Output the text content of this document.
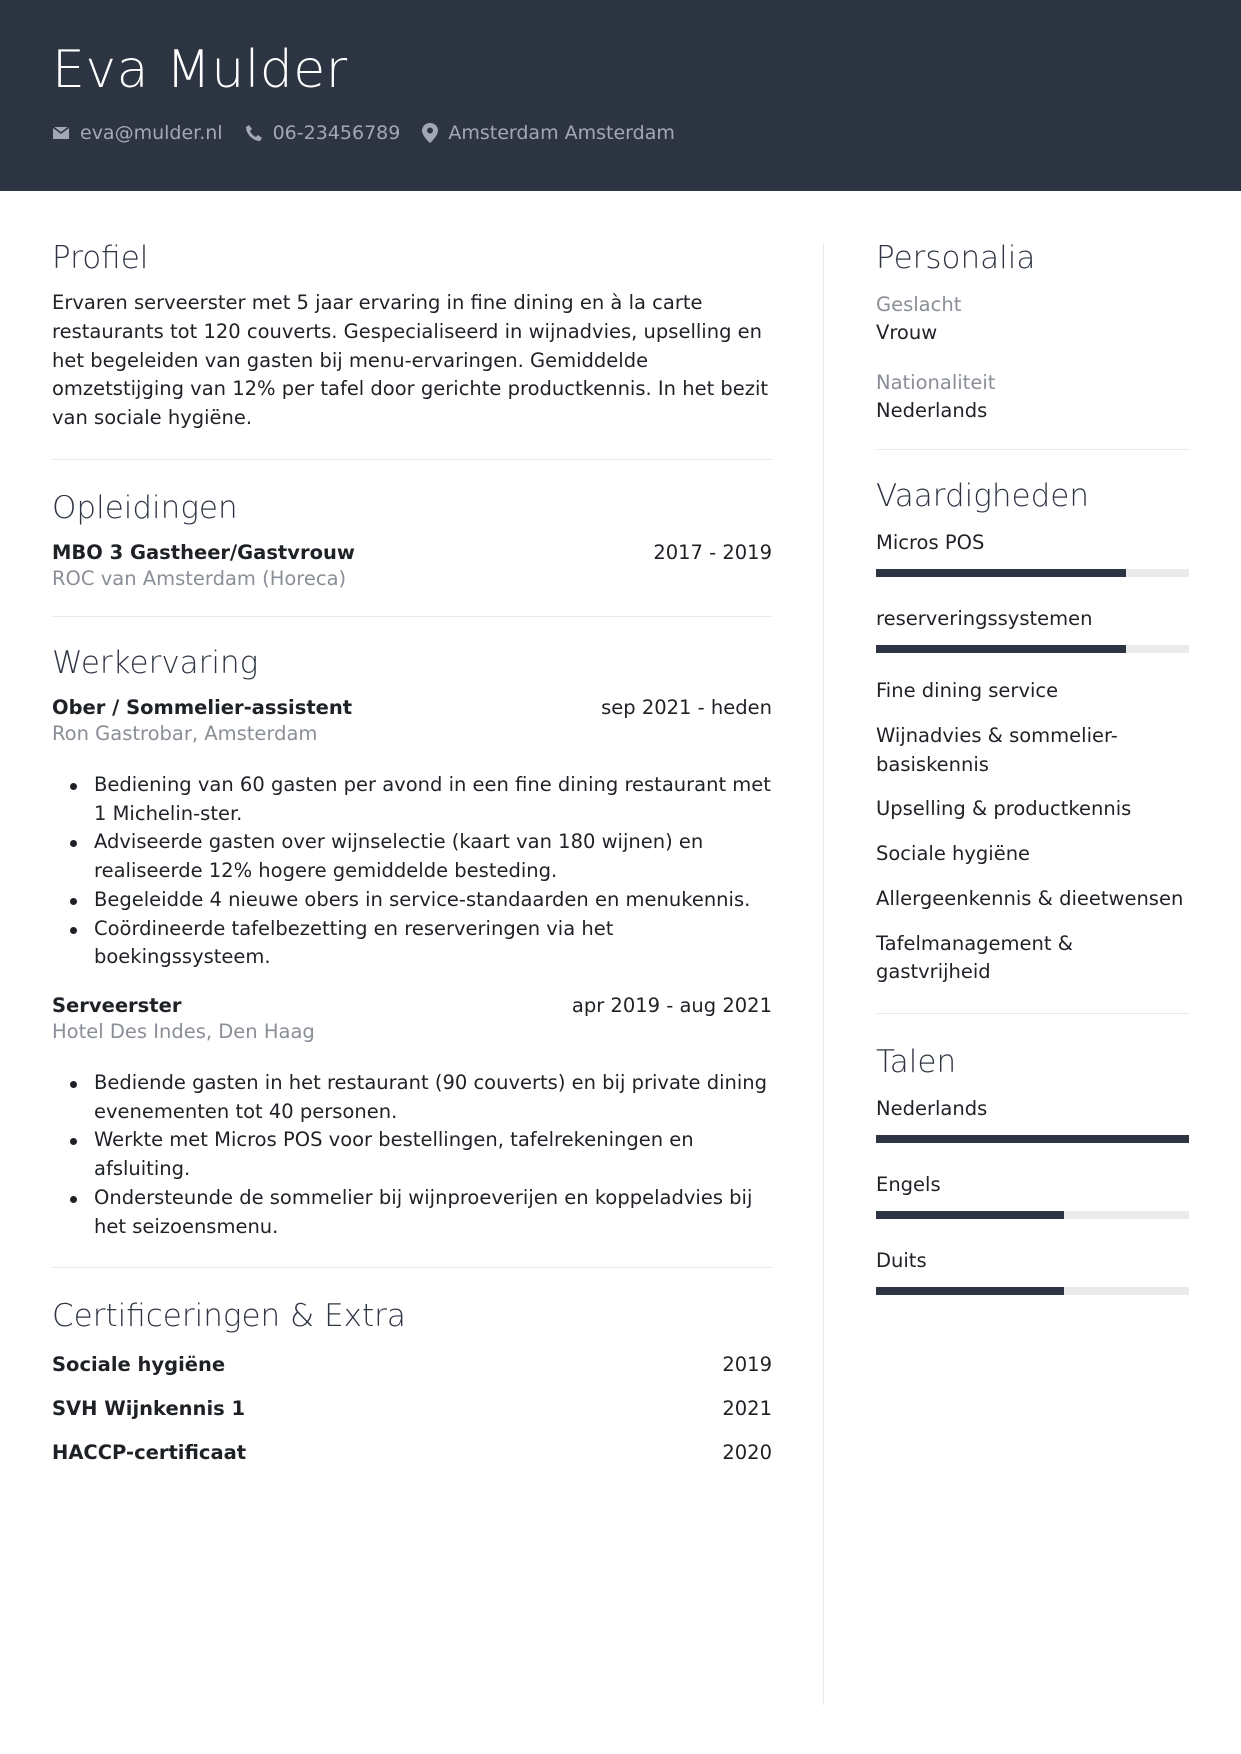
Eva Mulder
eva@mulder.nl	06-23456789	Amsterdam Amsterdam
Profiel

Ervaren serveerster met 5 jaar ervaring in fine dining en à la carte restaurants tot 120 couverts. Gespecialiseerd in wijnadvies, upselling en het begeleiden van gasten bij menu-ervaringen. Gemiddelde omzetstijging van 12% per tafel door gerichte productkennis. In het bezit van sociale hygiëne.

Opleidingen
MBO 3 Gastheer/Gastvrouw	2017 - 2019
ROC van Amsterdam (Horeca)
Werkervaring
Ober / Sommelier-assistent	sep 2021 - heden
Ron Gastrobar, Amsterdam
Bediening van 60 gasten per avond in een fine dining restaurant met 1 Michelin-ster.
Adviseerde gasten over wijnselectie (kaart van 180 wijnen) en realiseerde 12% hogere gemiddelde besteding.
Begeleidde 4 nieuwe obers in service-standaarden en menukennis.
Coördineerde tafelbezetting en reserveringen via het boekingssysteem.
Serveerster	apr 2019 - aug 2021
Hotel Des Indes, Den Haag
Bediende gasten in het restaurant (90 couverts) en bij private dining evenementen tot 40 personen.
Werkte met Micros POS voor bestellingen, tafelrekeningen en afsluiting.
Ondersteunde de sommelier bij wijnproeverijen en koppeladvies bij het seizoensmenu.
Certificeringen & Extra
Sociale hygiëne	2019
SVH Wijnkennis 1	2021
HACCP-certificaat	2020
Personalia
Geslacht
Vrouw
Nationaliteit
Nederlands
Vaardigheden
Micros POS
reserveringssystemen
Fine dining service
Wijnadvies & sommelier-basiskennis
Upselling & productkennis
Sociale hygiëne
Allergeenkennis & dieetwensen
Tafelmanagement & gastvrijheid
Talen
Nederlands
Engels
Duits
